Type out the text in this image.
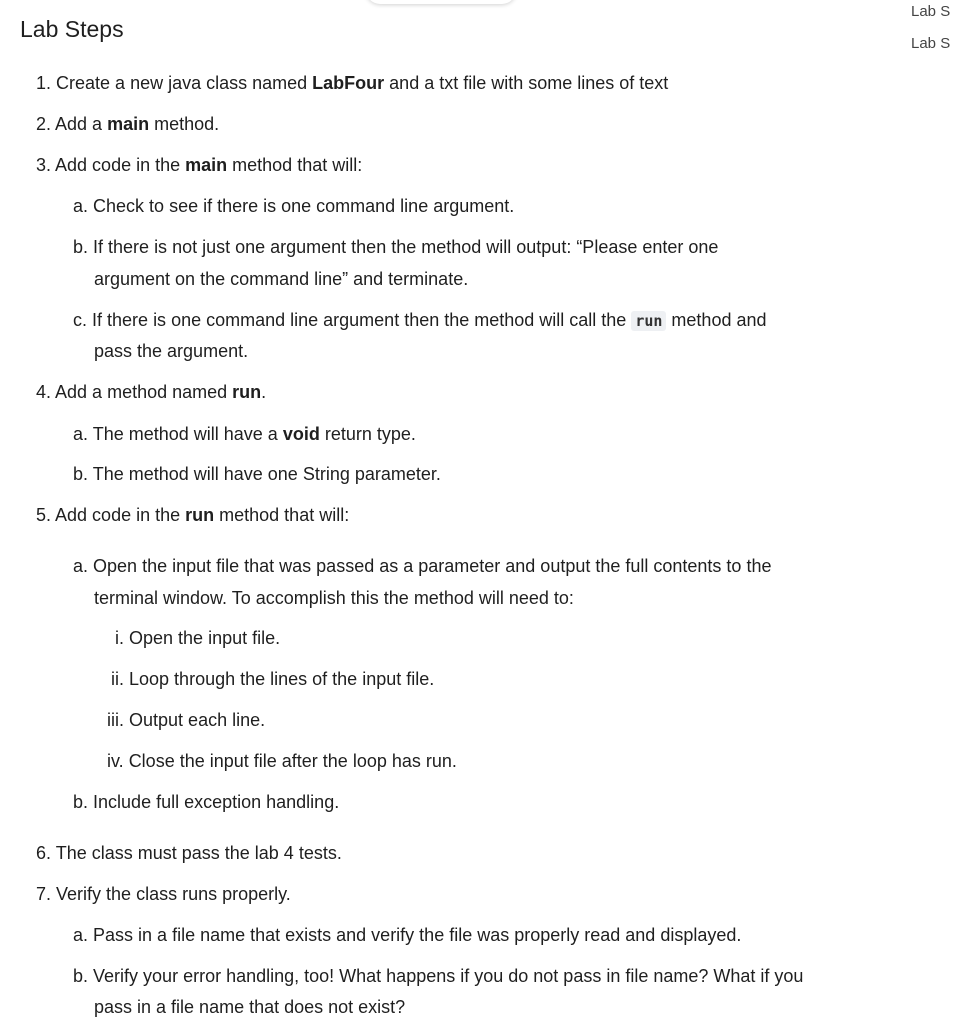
Lab Steps
Lab S
Lab S
1. Create a new java class named LabFour and a txt file with some lines of text
2. Add a main method.
3. Add code in the main method that will:
a. Check to see if there is one command line argument.
b. If there is not just one argument then the method will output: “Please enter one
argument on the command line” and terminate.
c. If there is one command line argument then the method will call the run method and
pass the argument.
4. Add a method named run.
a. The method will have a void return type.
b. The method will have one String parameter.
5. Add code in the run method that will:
a. Open the input file that was passed as a parameter and output the full contents to the
terminal window. To accomplish this the method will need to:
i. Open the input file.
ii. Loop through the lines of the input file.
iii. Output each line.
iv. Close the input file after the loop has run.
b. Include full exception handling.
6. The class must pass the lab 4 tests.
7. Verify the class runs properly.
a. Pass in a file name that exists and verify the file was properly read and displayed.
b. Verify your error handling, too! What happens if you do not pass in file name? What if you
pass in a file name that does not exist?
